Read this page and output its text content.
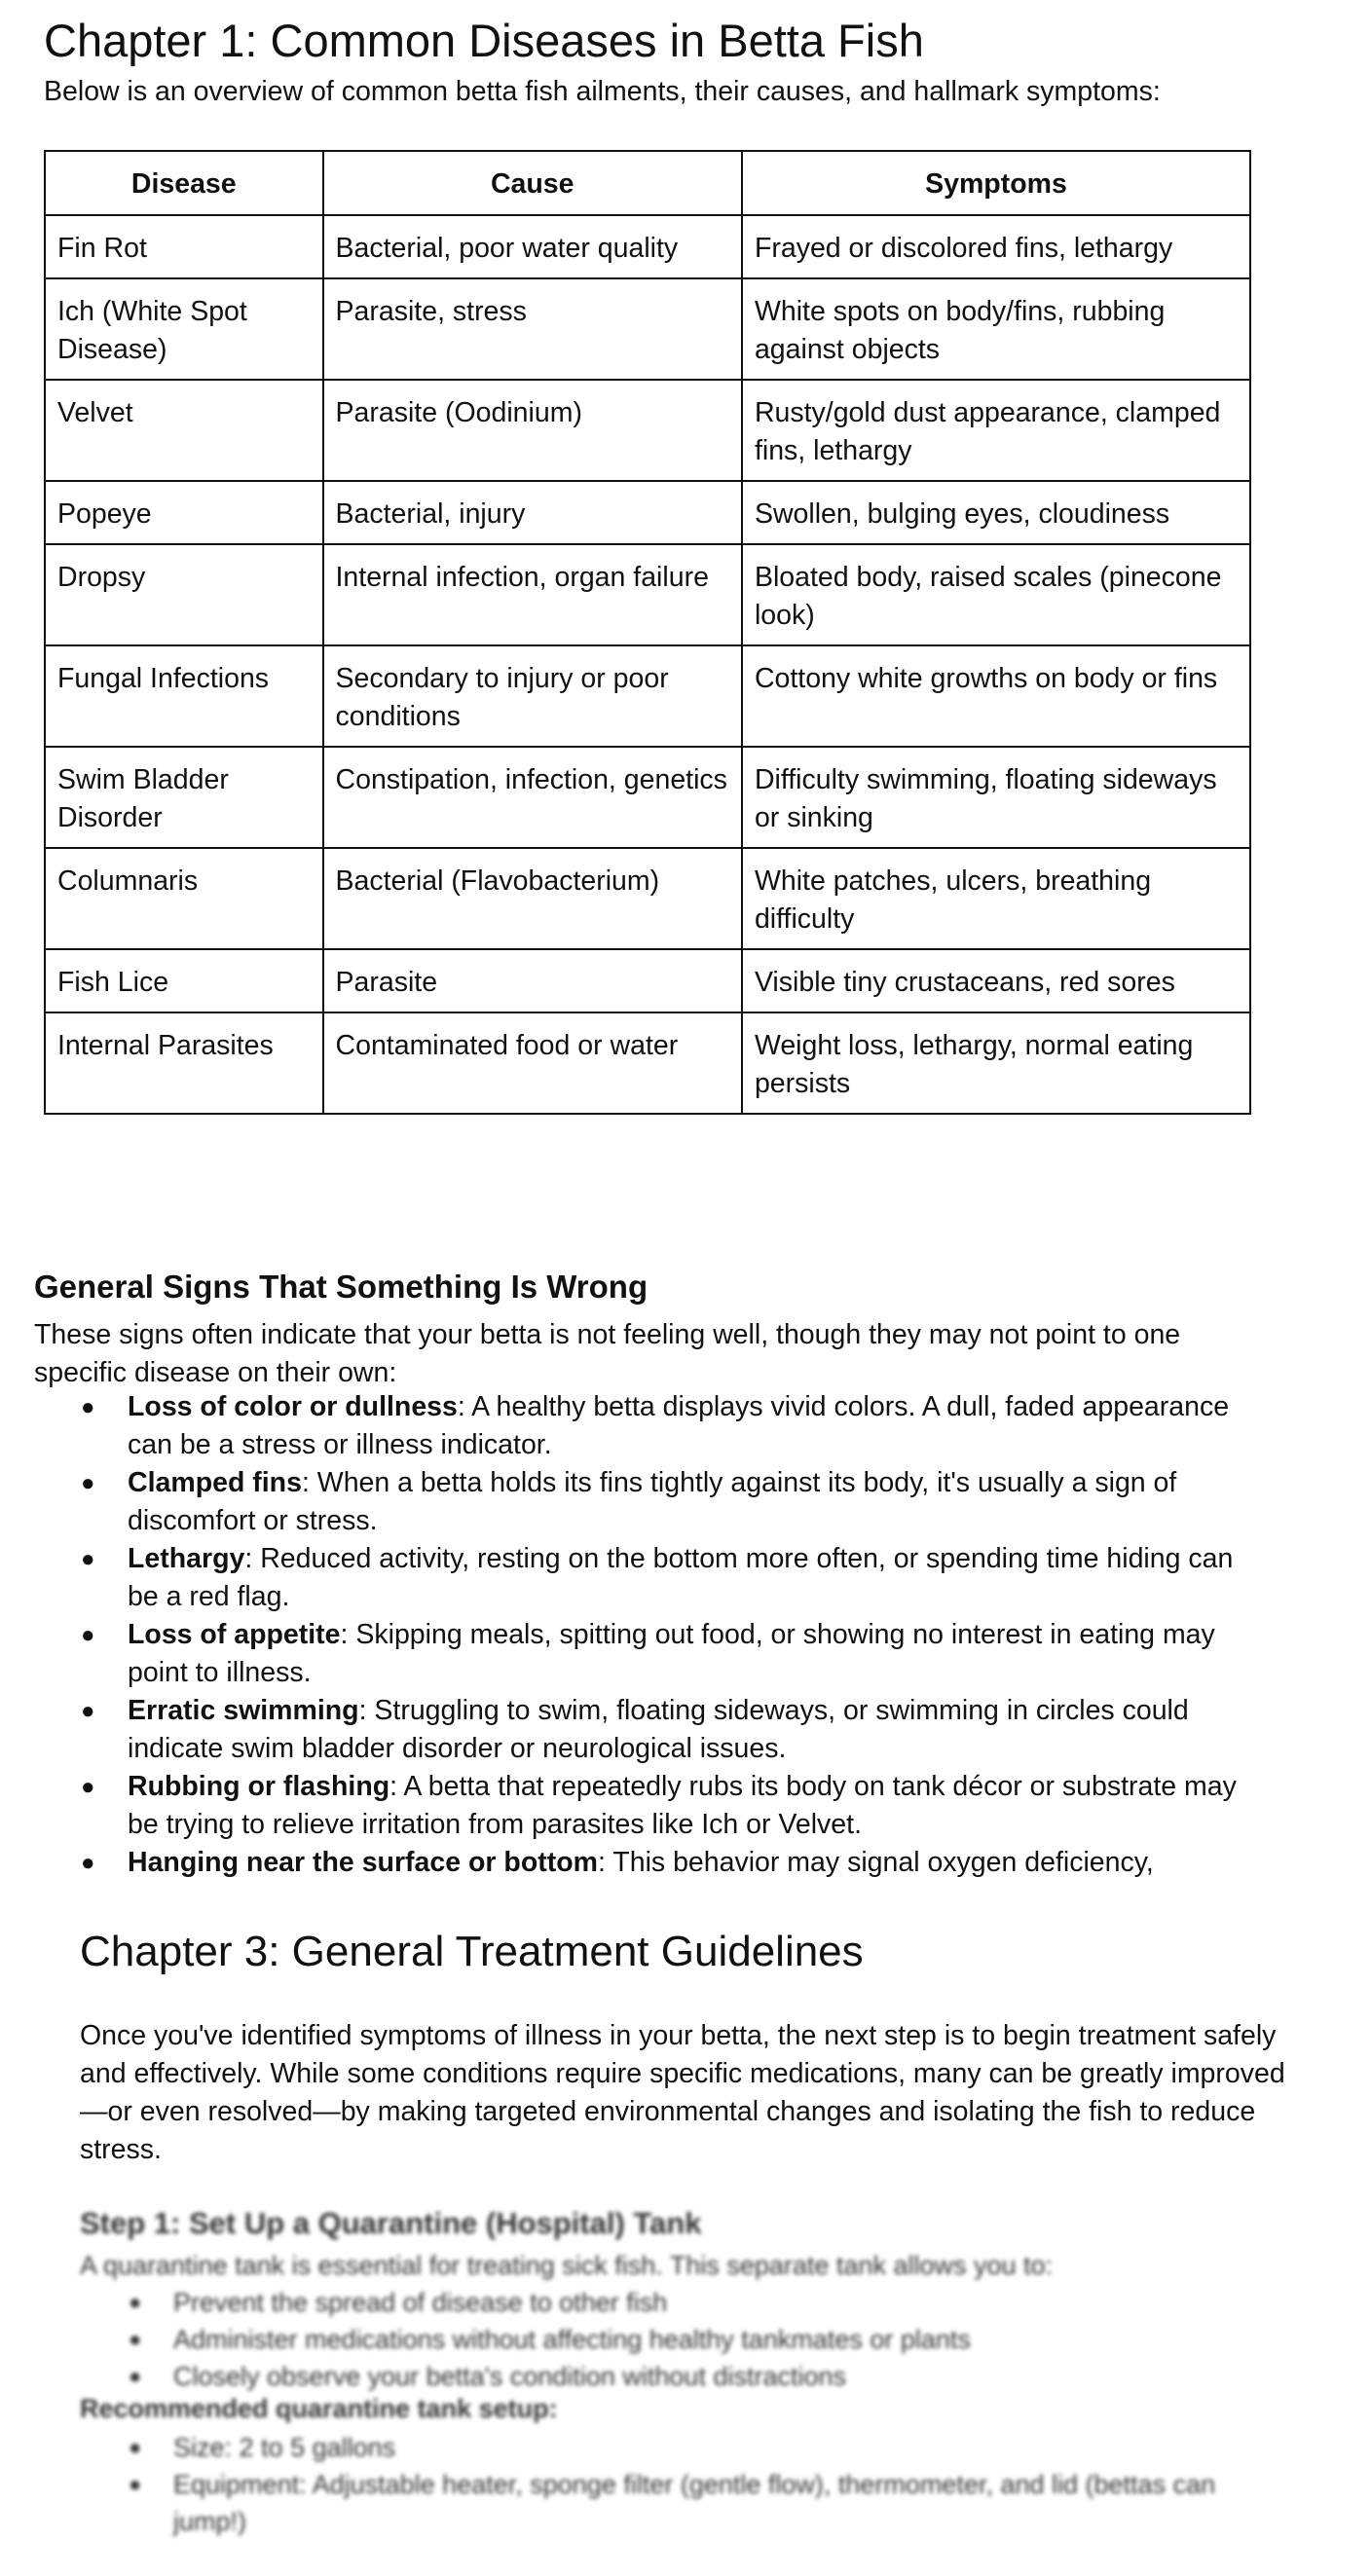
Chapter 1: Common Diseases in Betta Fish

Below is an overview of common betta fish ailments, their causes, and hallmark symptoms:

Disease	Cause	Symptoms
Fin Rot	Bacterial, poor water quality	Frayed or discolored fins, lethargy
Ich (White Spot Disease)	Parasite, stress	White spots on body/fins, rubbing against objects
Velvet	Parasite (Oodinium)	Rusty/gold dust appearance, clamped fins, lethargy
Popeye	Bacterial, injury	Swollen, bulging eyes, cloudiness
Dropsy	Internal infection, organ failure	Bloated body, raised scales (pinecone look)
Fungal Infections	Secondary to injury or poor conditions	Cottony white growths on body or fins
Swim Bladder Disorder	Constipation, infection, genetics	Difficulty swimming, floating sideways or sinking
Columnaris	Bacterial (Flavobacterium)	White patches, ulcers, breathing difficulty
Fish Lice	Parasite	Visible tiny crustaceans, red sores
Internal Parasites	Contaminated food or water	Weight loss, lethargy, normal eating persists
General Signs That Something Is Wrong

These signs often indicate that your betta is not feeling well, though they may not point to one specific disease on their own:

● Loss of color or dullness: A healthy betta displays vivid colors. A dull, faded appearance can be a stress or illness indicator.
● Clamped fins: When a betta holds its fins tightly against its body, it's usually a sign of discomfort or stress.
● Lethargy: Reduced activity, resting on the bottom more often, or spending time hiding can be a red flag.
● Loss of appetite: Skipping meals, spitting out food, or showing no interest in eating may point to illness.
● Erratic swimming: Struggling to swim, floating sideways, or swimming in circles could indicate swim bladder disorder or neurological issues.
● Rubbing or flashing: A betta that repeatedly rubs its body on tank décor or substrate may be trying to relieve irritation from parasites like Ich or Velvet.
● Hanging near the surface or bottom: This behavior may signal oxygen deficiency,
Chapter 3: General Treatment Guidelines

Once you've identified symptoms of illness in your betta, the next step is to begin treatment safely and effectively. While some conditions require specific medications, many can be greatly improved—or even resolved—by making targeted environmental changes and isolating the fish to reduce stress.

Step 1: Set Up a Quarantine (Hospital) Tank

A quarantine tank is essential for treating sick fish. This separate tank allows you to:

● Prevent the spread of disease to other fish
● Administer medications without affecting healthy tankmates or plants
● Closely observe your betta's condition without distractions

Recommended quarantine tank setup:

● Size: 2 to 5 gallons
● Equipment: Adjustable heater, sponge filter (gentle flow), thermometer, and lid (bettas can jump!)
